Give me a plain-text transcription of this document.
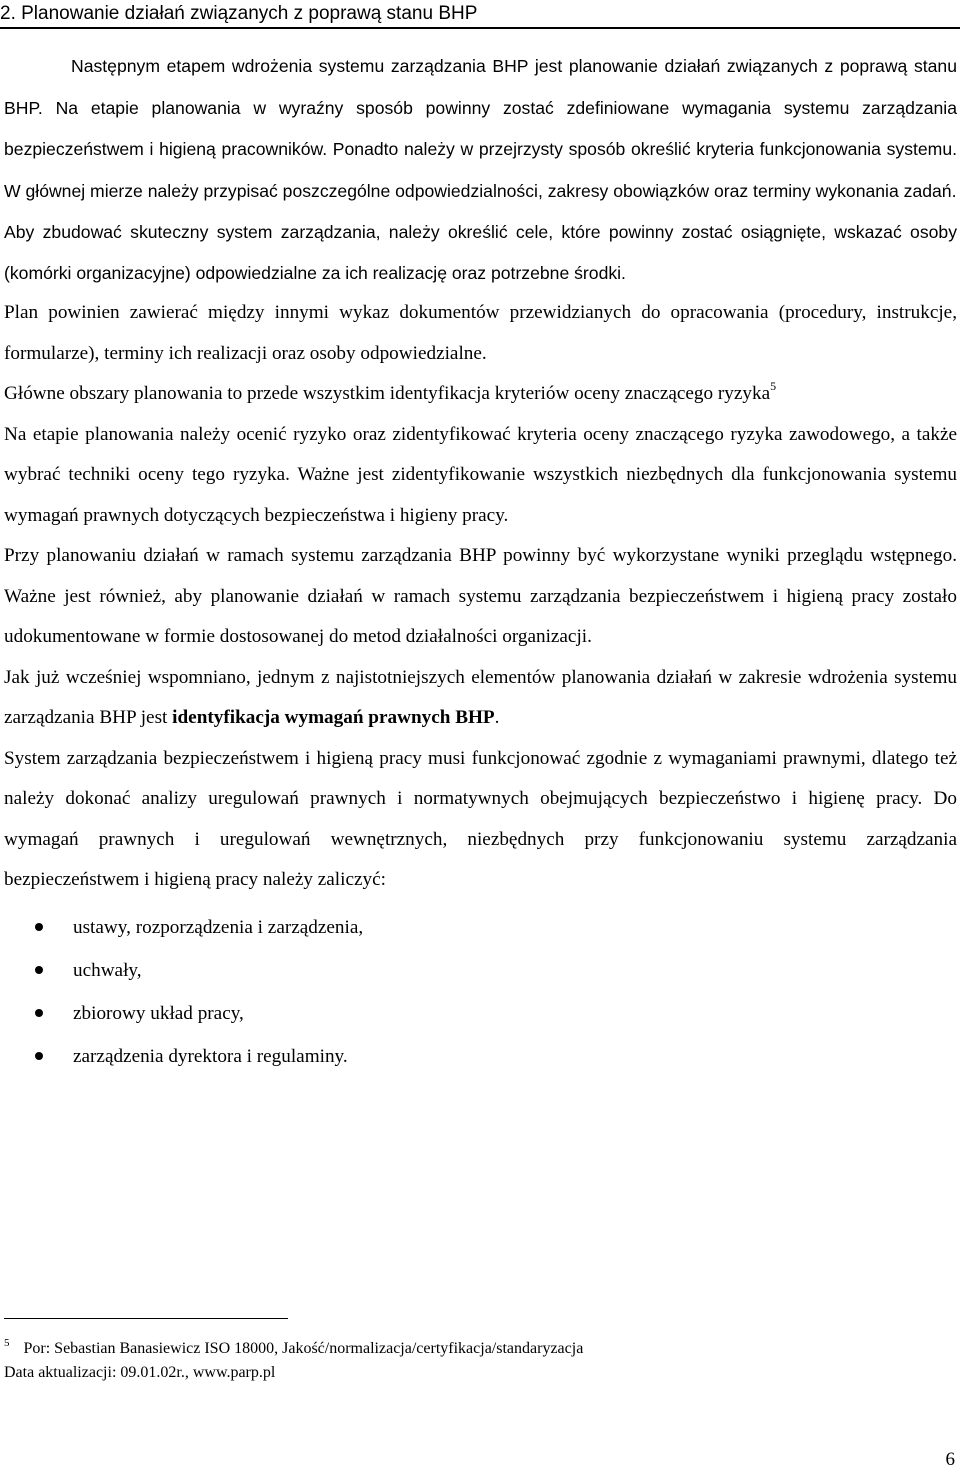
2. Planowanie działań związanych z poprawą stanu BHP

Następnym etapem wdrożenia systemu zarządzania BHP jest planowanie działań związanych z poprawą stanu BHP. Na etapie planowania w wyraźny sposób powinny zostać zdefiniowane wymagania systemu zarządzania bezpieczeństwem i higieną pracowników. Ponadto należy w przejrzysty sposób określić kryteria funkcjonowania systemu. W głównej mierze należy przypisać poszczególne odpowiedzialności, zakresy obowiązków oraz terminy wykonania zadań.

Aby zbudować skuteczny system zarządzania, należy określić cele, które powinny zostać osiągnięte, wskazać osoby (komórki organizacyjne) odpowiedzialne za ich realizację oraz potrzebne środki.

Plan powinien zawierać między innymi wykaz dokumentów przewidzianych do opracowania (procedury, instrukcje, formularze), terminy ich realizacji oraz osoby odpowiedzialne.

Główne obszary planowania to przede wszystkim identyfikacja kryteriów oceny znaczącego ryzyka$^5$

Na etapie planowania należy ocenić ryzyko oraz zidentyfikować kryteria oceny znaczącego ryzyka zawodowego, a także wybrać techniki oceny tego ryzyka. Ważne jest zidentyfikowanie wszystkich niezbędnych dla funkcjonowania systemu wymagań prawnych dotyczących bezpieczeństwa i higieny pracy.

Przy planowaniu działań w ramach systemu zarządzania BHP powinny być wykorzystane wyniki przeglądu wstępnego. Ważne jest również, aby planowanie działań w ramach systemu zarządzania bezpieczeństwem i higieną pracy zostało udokumentowane w formie dostosowanej do metod działalności organizacji.

Jak już wcześniej wspomniano, jednym z najistotniejszych elementów planowania działań w zakresie wdrożenia systemu zarządzania BHP jest identyfikacja wymagań prawnych BHP.

System zarządzania bezpieczeństwem i higieną pracy musi funkcjonować zgodnie z wymaganiami prawnymi, dlatego też należy dokonać analizy uregulowań prawnych i normatywnych obejmujących bezpieczeństwo i higienę pracy. Do wymagań prawnych i uregulowań wewnętrznych, niezbędnych przy funkcjonowaniu systemu zarządzania bezpieczeństwem i higieną pracy należy zaliczyć:

ustawy, rozporządzenia i zarządzenia,
uchwały,
zbiorowy układ pracy,
zarządzenia dyrektora i regulaminy.
$^5$ Por: Sebastian Banasiewicz ISO 18000, Jakość/normalizacja/certyfikacja/standaryzacja
Data aktualizacji: 09.01.02r., www.parp.pl
6
